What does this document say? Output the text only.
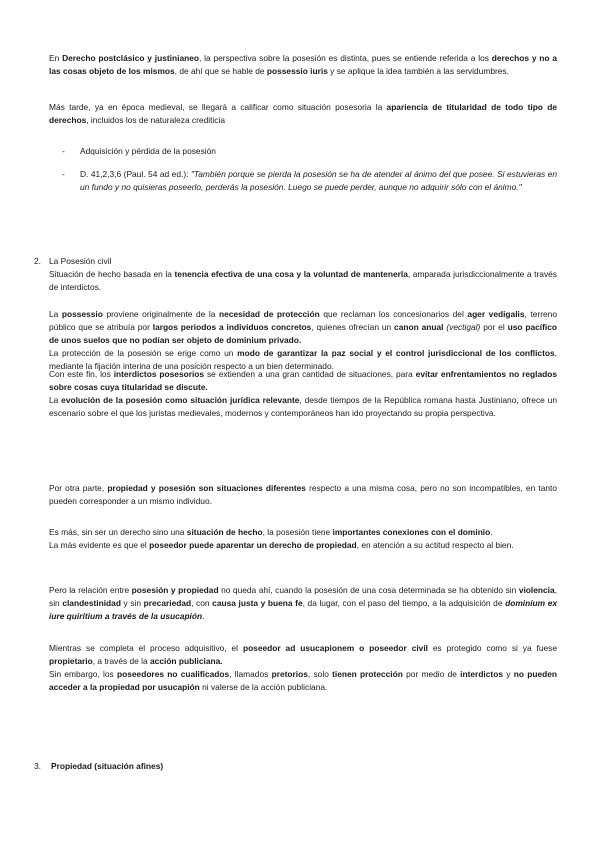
En Derecho postclásico y justinianeo, la perspectiva sobre la posesión es distinta, pues se entiende referida a los derechos y no a las cosas objeto de los mismos, de ahí que se hable de possessio iuris y se aplique la idea también a las servidumbres.
Más tarde, ya en época medieval, se llegará a calificar como situación posesoria la apariencia de titularidad de todo tipo de derechos, incluidos los de naturaleza crediticia
- Adquisición y pérdida de la posesión
- D. 41,2,3,6 (Paul. 54 ad ed.): "También porque se pierda la posesión se ha de atender al ánimo del que posee. Si estuvieras en un fundo y no quisieras poseerlo, perderás la posesión. Luego se puede perder, aunque no adquirir sólo con el ánimo."
2. La Posesión civil
Situación de hecho basada en la tenencia efectiva de una cosa y la voluntad de mantenerla, amparada jurisdiccionalmente a través de interdictos.
La possessio proviene originalmente de la necesidad de protección que reclaman los concesionarios del ager vedigalis, terreno público que se atribuía por largos periodos a individuos concretos, quienes ofrecían un canon anual (vectigal) por el uso pacífico de unos suelos que no podían ser objeto de dominium privado.
La protección de la posesión se erige como un modo de garantizar la paz social y el control jurisdiccional de los conflictos, mediante la fijación interina de una posición respecto a un bien determinado.
Con este fin, los interdictos posesorios se extienden a una gran cantidad de situaciones, para evitar enfrentamientos no reglados sobre cosas cuya titularidad se discute.
La evolución de la posesión como situación jurídica relevante, desde tiempos de la República romana hasta Justiniano, ofrece un escenario sobre el que los juristas medievales, modernos y contemporáneos han ido proyectando su propia perspectiva.
Por otra parte, propiedad y posesión son situaciones diferentes respecto a una misma cosa, pero no son incompatibles, en tanto pueden corresponder a un mismo individuo.
Es más, sin ser un derecho sino una situación de hecho, la posesión tiene importantes conexiones con el dominio.
La más evidente es que el poseedor puede aparentar un derecho de propiedad, en atención a su actitud respecto al bien.
Pero la relación entre posesión y propiedad no queda ahí, cuando la posesión de una cosa determinada se ha obtenido sin violencia, sin clandestinidad y sin precariedad, con causa justa y buena fe, da lugar, con el paso del tiempo, a la adquisición de dominium ex iure quiritium a través de la usucapión.
Mientras se completa el proceso adquisitivo, el poseedor ad usucapionem o poseedor civil es protegido como si ya fuese propietario, a través de la acción publiciana.
Sin embargo, los poseedores no cualificados, llamados pretorios, solo tienen protección por medio de interdictos y no pueden acceder a la propiedad por usucapión ni valerse de la acción publiciana.
3. Propiedad (situación afines)
